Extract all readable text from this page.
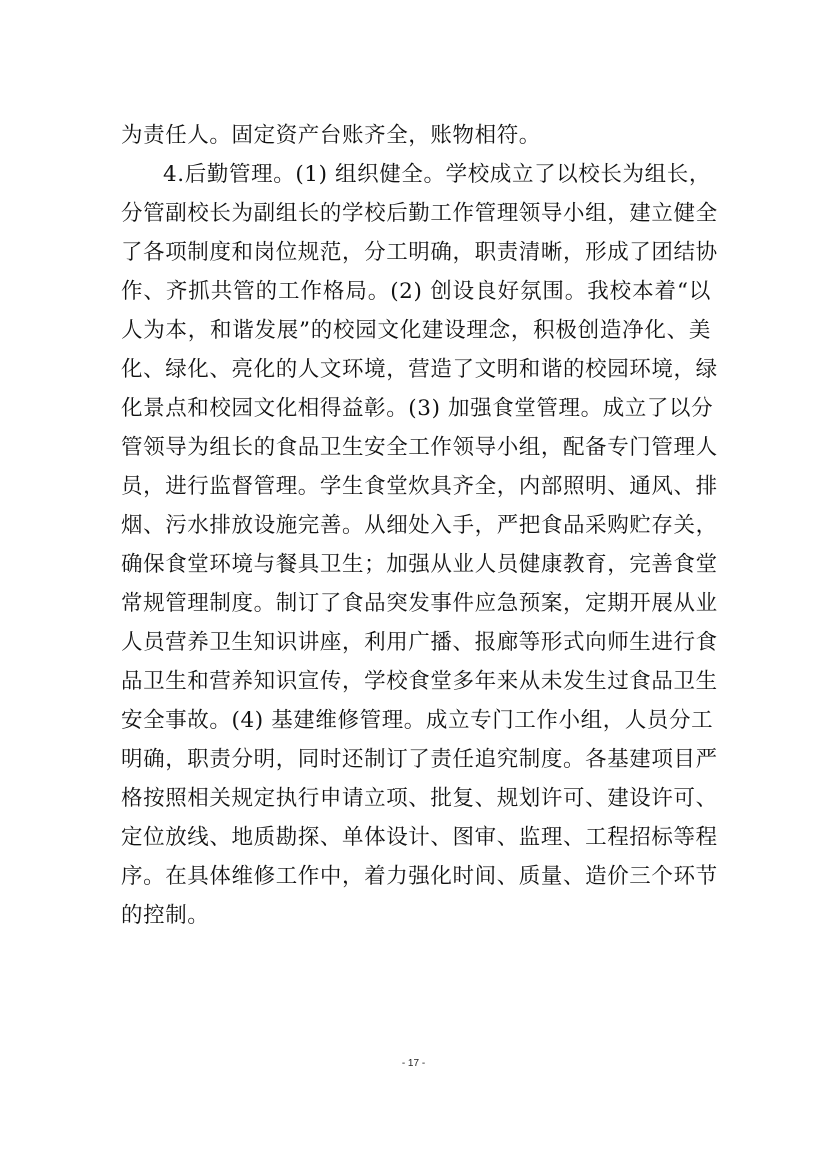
为责任人。固定资产台账齐全，账物相符。
4.后勤管理。(1) 组织健全。学校成立了以校长为组长，
分管副校长为副组长的学校后勤工作管理领导小组，建立健全
了各项制度和岗位规范，分工明确，职责清晰，形成了团结协
作、齐抓共管的工作格局。(2) 创设良好氛围。我校本着“以
人为本，和谐发展”的校园文化建设理念，积极创造净化、美
化、绿化、亮化的人文环境，营造了文明和谐的校园环境，绿
化景点和校园文化相得益彰。(3) 加强食堂管理。成立了以分
管领导为组长的食品卫生安全工作领导小组，配备专门管理人
员，进行监督管理。学生食堂炊具齐全，内部照明、通风、排
烟、污水排放设施完善。从细处入手，严把食品采购贮存关，
确保食堂环境与餐具卫生；加强从业人员健康教育，完善食堂
常规管理制度。制订了食品突发事件应急预案，定期开展从业
人员营养卫生知识讲座，利用广播、报廊等形式向师生进行食
品卫生和营养知识宣传，学校食堂多年来从未发生过食品卫生
安全事故。(4) 基建维修管理。成立专门工作小组，人员分工
明确，职责分明，同时还制订了责任追究制度。各基建项目严
格按照相关规定执行申请立项、批复、规划许可、建设许可、
定位放线、地质勘探、单体设计、图审、监理、工程招标等程
序。在具体维修工作中，着力强化时间、质量、造价三个环节
的控制。
- 17 -
